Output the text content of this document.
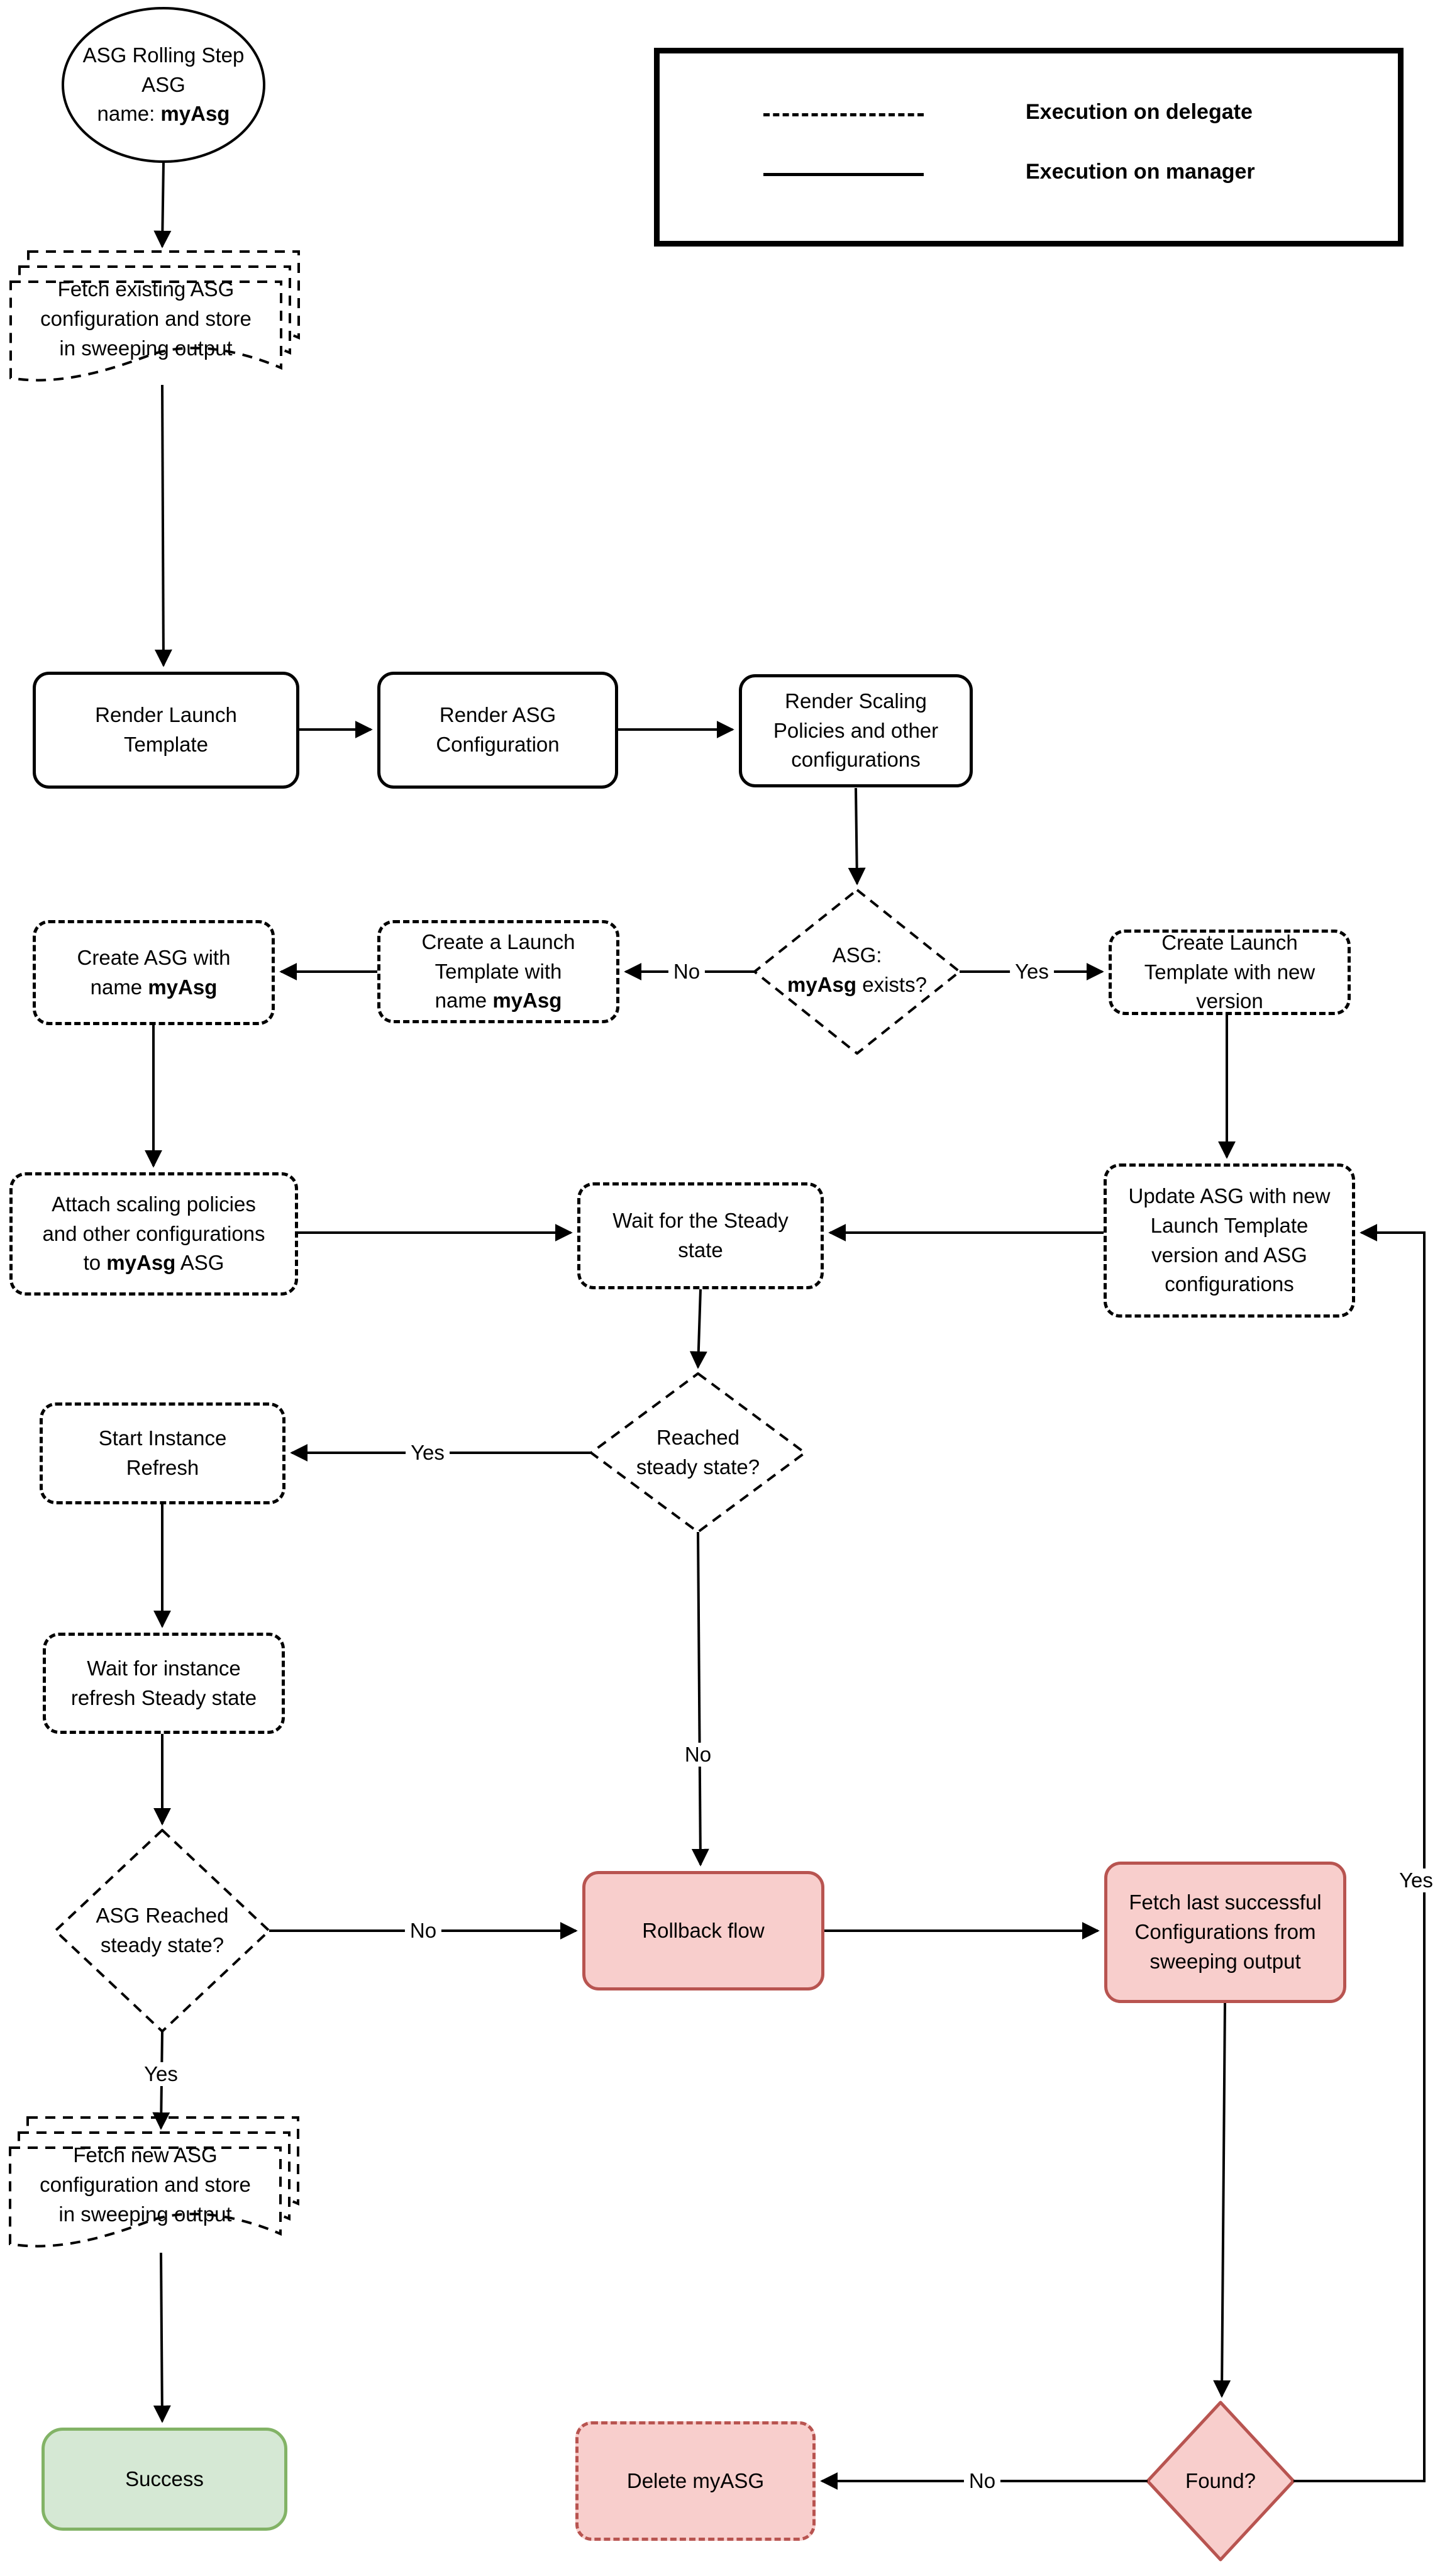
Execution on delegate
Execution on manager
ASG Rolling Step
ASG
name: myAsg
Fetch existing ASG
configuration and store
in sweeping output
ASG:
myAsg exists?
Reached
steady state?
ASG Reached
steady state?
Found?
Fetch new ASG
configuration and store
in sweeping output
Render Launch
Template
Render ASG
Configuration
Render Scaling
Policies and other
configurations
Create ASG with
name myAsg
Create a Launch
Template with
name myAsg
Create Launch
Template with new
version
Attach scaling policies
and other configurations
to myAsg ASG
Wait for the Steady
state
Update ASG with new
Launch Template
version and ASG
configurations
Start Instance
Refresh
Wait for instance
refresh Steady state
Rollback flow
Fetch last successful
Configurations from
sweeping output
Success	Delete myASG
No	Yes
Yes
No
No
Yes
No
Yes
